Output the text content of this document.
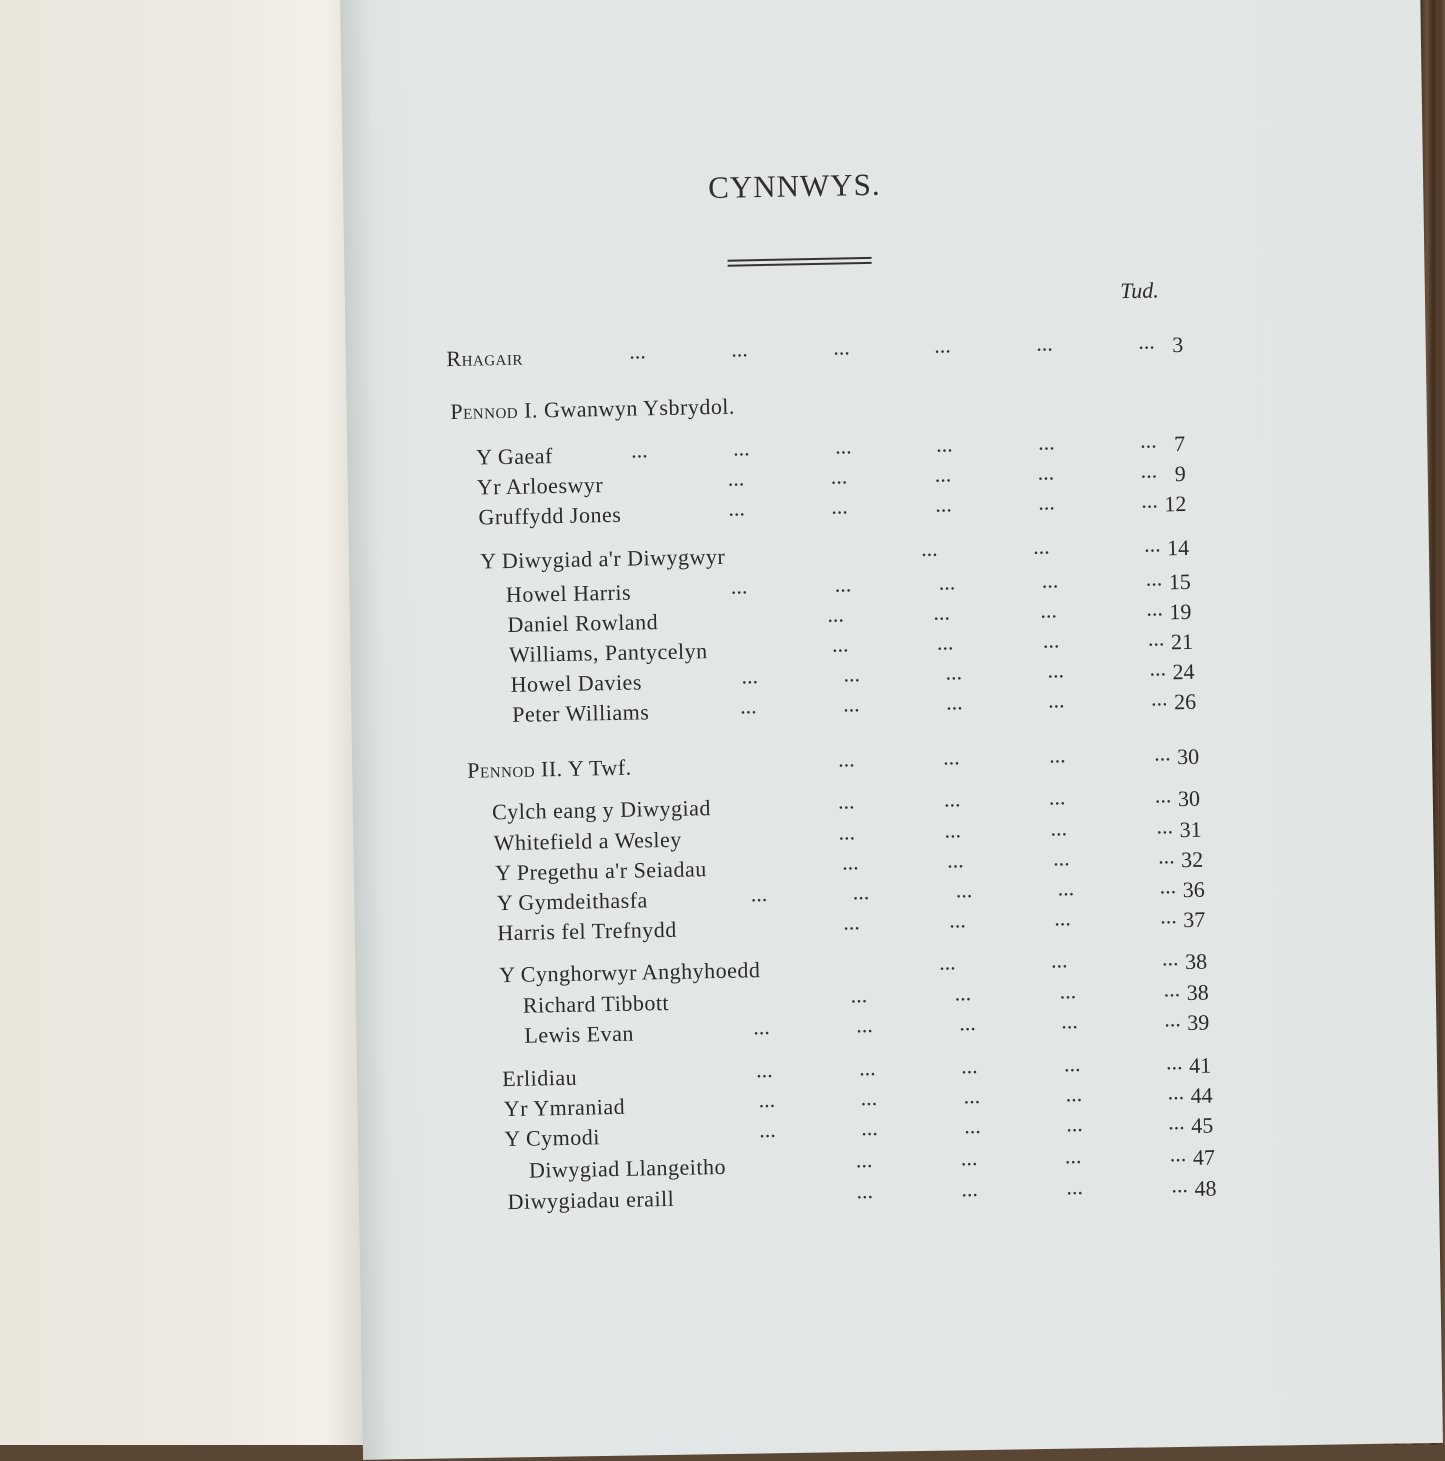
CYNNWYS.
Tud.
Rhagair	...	...	...	...	...	... 3
Pennod I. Gwanwyn Ysbrydol.
Y Gaeaf	...	...	...	...	...	... 7
Yr Arloeswyr	...	...	...	...	... 9
Gruffydd Jones	...	...	...	...	... 12
Y Diwygiad a'r Diwygwyr	...	...	... 14
Howel Harris	...	...	...	...	... 15
Daniel Rowland	...	...	...	... 19
Williams, Pantycelyn	...	...	...	... 21
Howel Davies	...	...	...	...	... 24
Peter Williams	...	...	...	...	... 26
Pennod II. Y Twf.	...	...	...	... 30
Cylch eang y Diwygiad	...	...	...	... 30
Whitefield a Wesley	...	...	...	... 31
Y Pregethu a'r Seiadau	...	...	...	... 32
Y Gymdeithasfa	...	...	...	...	... 36
Harris fel Trefnydd	...	...	...	... 37
Y Cynghorwyr Anghyhoedd	...	...	... 38
Richard Tibbott	...	...	...	... 38
Lewis Evan	...	...	...	...	... 39
Erlidiau	...	...	...	...	... 41
Yr Ymraniad	...	...	...	...	... 44
Y Cymodi	...	...	...	...	... 45
Diwygiad Llangeitho	...	...	...	... 47
Diwygiadau eraill	...	...	...	... 48
